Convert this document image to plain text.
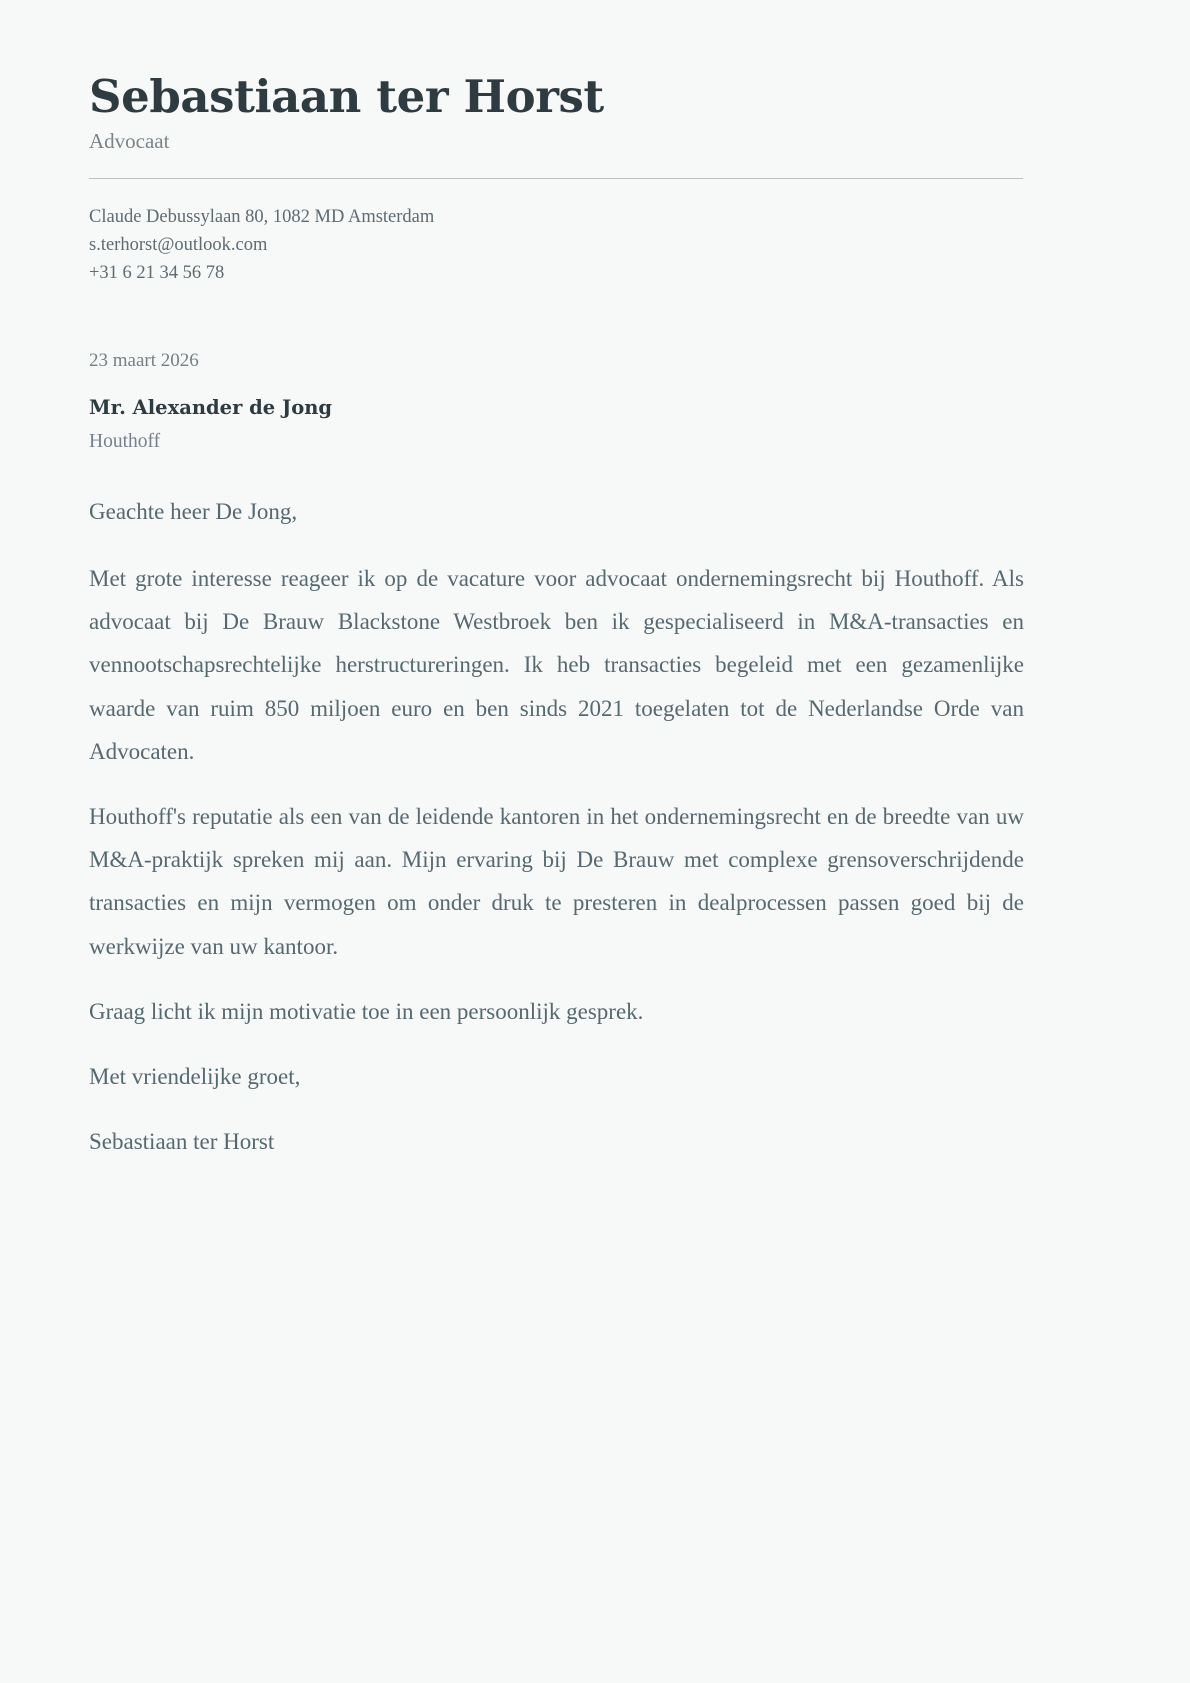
Sebastiaan ter Horst
Advocaat

Claude Debussylaan 80, 1082 MD Amsterdam

s.terhorst@outlook.com

+31 6 21 34 56 78

23 maart 2026
Mr. Alexander de Jong
Houthoff

Geachte heer De Jong,

Met grote interesse reageer ik op de vacature voor advocaat ondernemingsrecht bij Houthoff. Als advocaat bij De Brauw Blackstone Westbroek ben ik gespecialiseerd in M&A-transacties en vennootschapsrechtelijke herstructureringen. Ik heb transacties begeleid met een gezamenlijke waarde van ruim 850 miljoen euro en ben sinds 2021 toegelaten tot de Nederlandse Orde van Advocaten.

Houthoff's reputatie als een van de leidende kantoren in het ondernemingsrecht en de breedte van uw M&A-praktijk spreken mij aan. Mijn ervaring bij De Brauw met complexe grensoverschrijdende transacties en mijn vermogen om onder druk te presteren in dealprocessen passen goed bij de werkwijze van uw kantoor.

Graag licht ik mijn motivatie toe in een persoonlijk gesprek.

Met vriendelijke groet,

Sebastiaan ter Horst
